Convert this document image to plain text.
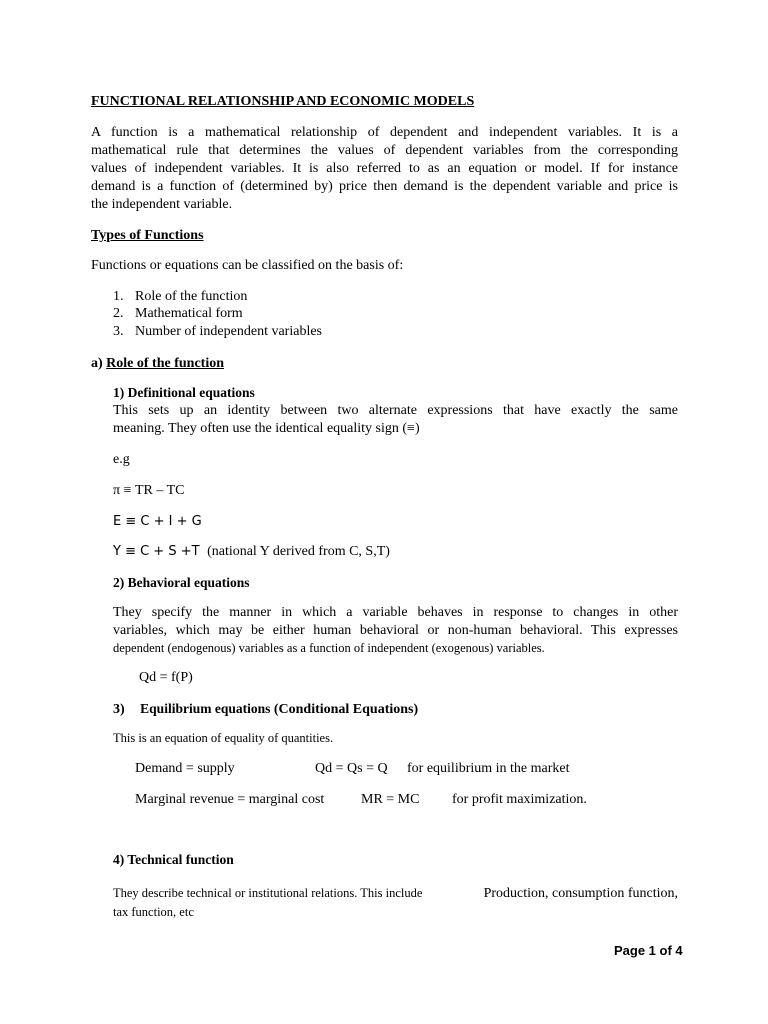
FUNCTIONAL RELATIONSHIP AND ECONOMIC MODELS
A function is a mathematical relationship of dependent and independent variables. It is a
mathematical rule that determines the values of dependent variables from the corresponding
values of independent variables. It is also referred to as an equation or model. If for instance
demand is a function of (determined by) price then demand is the dependent variable and price is
the independent variable.
Types of Functions
Functions or equations can be classified on the basis of:
1. Role of the function
2. Mathematical form
3. Number of independent variables
a) Role of the function
1) Definitional equations
This sets up an identity between two alternate expressions that have exactly the same
meaning. They often use the identical equality sign (≡)
e.g
π ≡ TR – TC
E ≡ C + I + G
Y ≡ C + S +T (national Y derived from C, S,T)
2) Behavioral equations
They specify the manner in which a variable behaves in response to changes in other
variables, which may be either human behavioral or non-human behavioral. This expresses
dependent (endogenous) variables as a function of independent (exogenous) variables.
Qd = f(P)
3) Equilibrium equations (Conditional Equations)
This is an equation of equality of quantities.
Demand = supply	Qd = Qs = Q for equilibrium in the market
Marginal revenue = marginal cost	MR = MC for profit maximization.
4) Technical function
They describe technical or institutional relations. This include	Production, consumption function,
tax function, etc
Page 1 of 4
